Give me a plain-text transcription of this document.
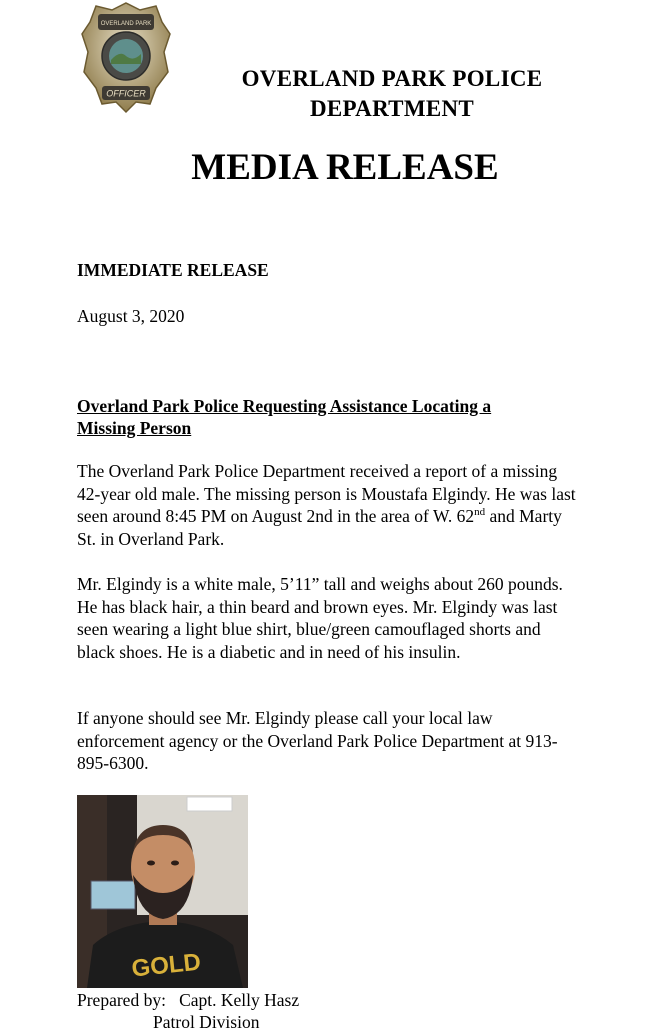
OVERLAND PARK
OFFICER
OVERLAND PARK POLICE
DEPARTMENT
MEDIA RELEASE
IMMEDIATE RELEASE
August 3, 2020
Overland Park Police Requesting Assistance Locating a
Missing Person

The Overland Park Police Department received a report of a missing 42-year old male. The missing person is Moustafa Elgindy. He was last seen around 8:45 PM on August 2nd in the area of W. 62nd and Marty St. in Overland Park.

Mr. Elgindy is a white male, 5’11” tall and weighs about 260 pounds. He has black hair, a thin beard and brown eyes. Mr. Elgindy was last seen wearing a light blue shirt, blue/green camouflaged shorts and black shoes. He is a diabetic and in need of his insulin.

If anyone should see Mr. Elgindy please call your local law enforcement agency or the Overland Park Police Department at 913-895-6300.

GOLD
Prepared by: Capt. Kelly Hasz
Patrol Division
